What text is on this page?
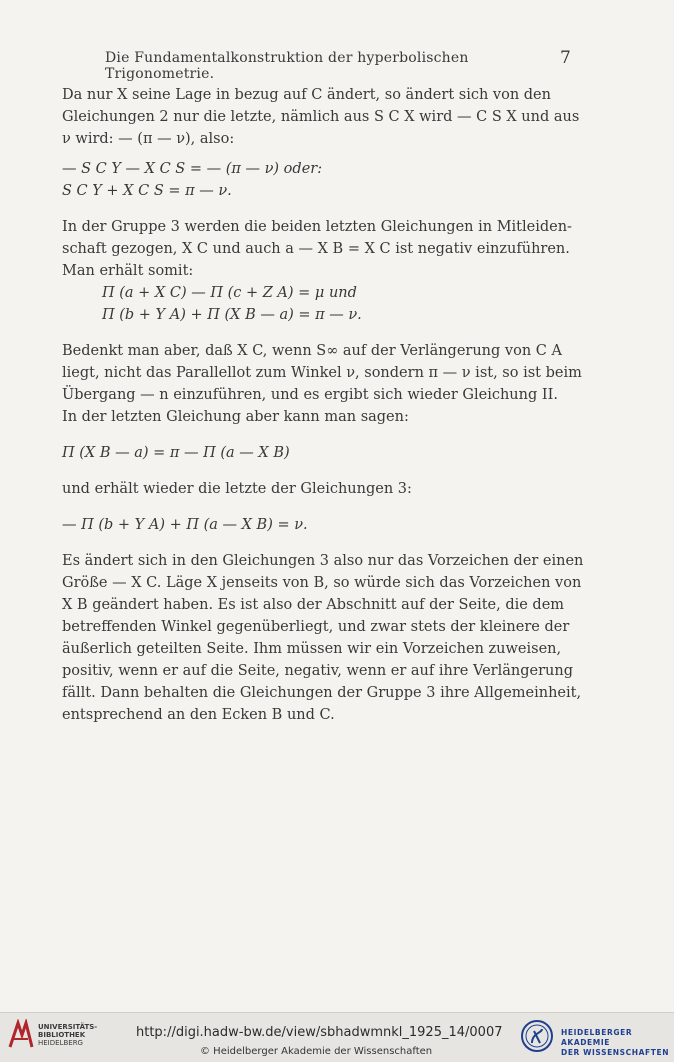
Die Fundamentalkonstruktion der hyperbolischen Trigonometrie.
7

Da nur X seine Lage in bezug auf C ändert, so ändert sich von den

Gleichungen 2 nur die letzte, nämlich aus S C X wird — C S X und aus

ν wird: — (π — ν), also:

— S C Y — X C S = — (π — ν) oder:

S C Y + X C S = π — ν.

In der Gruppe 3 werden die beiden letzten Gleichungen in Mitleiden-

schaft gezogen, X C und auch a — X B = X C ist negativ einzuführen.

Man erhält somit:

Π (a + X C) — Π (c + Z A) = μ und

Π (b + Y A) + Π (X B — a) = π — ν.

Bedenkt man aber, daß X C, wenn S∞ auf der Verlängerung von C A

liegt, nicht das Parallellot zum Winkel ν, sondern π — ν ist, so ist beim

Übergang — n einzuführen, und es ergibt sich wieder Gleichung II.

In der letzten Gleichung aber kann man sagen:

Π (X B — a) = π — Π (a — X B)

und erhält wieder die letzte der Gleichungen 3:

— Π (b + Y A) + Π (a — X B) = ν.

Es ändert sich in den Gleichungen 3 also nur das Vorzeichen der einen

Größe — X C. Läge X jenseits von B, so würde sich das Vorzeichen von

X B geändert haben. Es ist also der Abschnitt auf der Seite, die dem

betreffenden Winkel gegenüberliegt, und zwar stets der kleinere der

äußerlich geteilten Seite. Ihm müssen wir ein Vorzeichen zuweisen,

positiv, wenn er auf die Seite, negativ, wenn er auf ihre Verlängerung

fällt. Dann behalten die Gleichungen der Gruppe 3 ihre Allgemeinheit,

entsprechend an den Ecken B und C.

UNIVERSITÄTS-
BIBLIOTHEK
HEIDELBERG
http://digi.hadw-bw.de/view/sbhadwmnkl_1925_14/0007
© Heidelberger Akademie der Wissenschaften
HEIDELBERGER AKADEMIE
DER WISSENSCHAFTEN
